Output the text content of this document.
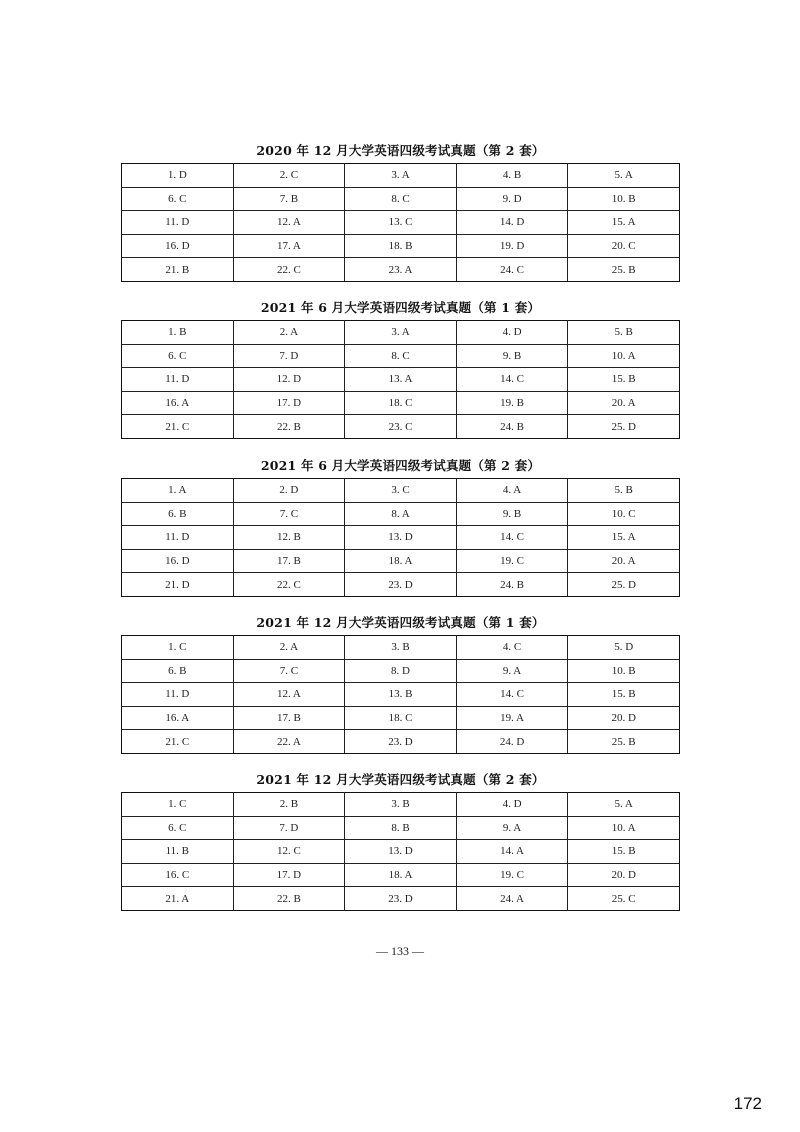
2020 年 12 月大学英语四级考试真题（第 2 套）
1. D	2. C	3. A	4. B	5. A
6. C	7. B	8. C	9. D	10. B
11. D	12. A	13. C	14. D	15. A
16. D	17. A	18. B	19. D	20. C
21. B	22. C	23. A	24. C	25. B
2021 年 6 月大学英语四级考试真题（第 1 套）
1. B	2. A	3. A	4. D	5. B
6. C	7. D	8. C	9. B	10. A
11. D	12. D	13. A	14. C	15. B
16. A	17. D	18. C	19. B	20. A
21. C	22. B	23. C	24. B	25. D
2021 年 6 月大学英语四级考试真题（第 2 套）
1. A	2. D	3. C	4. A	5. B
6. B	7. C	8. A	9. B	10. C
11. D	12. B	13. D	14. C	15. A
16. D	17. B	18. A	19. C	20. A
21. D	22. C	23. D	24. B	25. D
2021 年 12 月大学英语四级考试真题（第 1 套）
1. C	2. A	3. B	4. C	5. D
6. B	7. C	8. D	9. A	10. B
11. D	12. A	13. B	14. C	15. B
16. A	17. B	18. C	19. A	20. D
21. C	22. A	23. D	24. D	25. B
2021 年 12 月大学英语四级考试真题（第 2 套）
1. C	2. B	3. B	4. D	5. A
6. C	7. D	8. B	9. A	10. A
11. B	12. C	13. D	14. A	15. B
16. C	17. D	18. A	19. C	20. D
21. A	22. B	23. D	24. A	25. C
— 133 —
172
